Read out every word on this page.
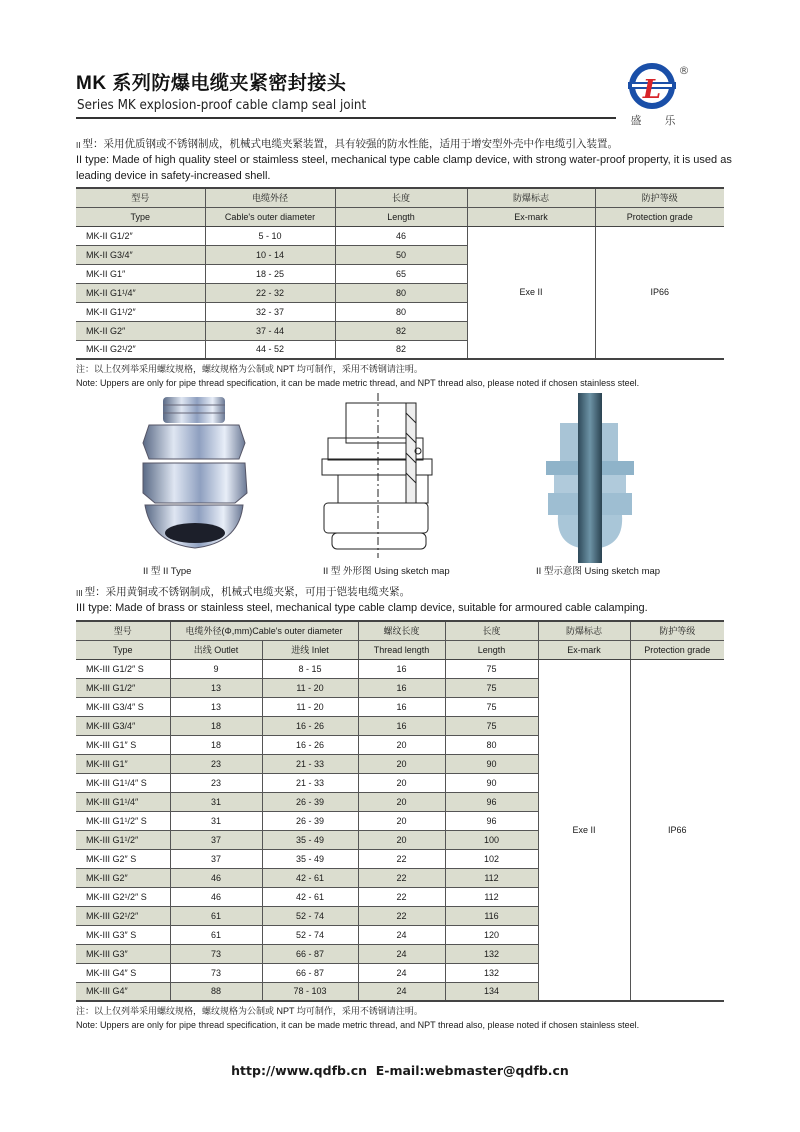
MK 系列防爆电缆夹紧密封接头
Series MK explosion-proof cable clamp seal joint
L
®
盛 乐
II 型：采用优质钢或不锈钢制成，机械式电缆夹紧装置，具有较强的防水性能，适用于增安型外壳中作电缆引入装置。
II type: Made of high quality steel or staimless steel, mechanical type cable clamp device, with strong water-proof property, it is used as leading device in safety-increased shell.
型号	电缆外径	长度	防爆标志	防护等级
Type	Cable's outer diameter	Length	Ex-mark	Protection grade
MK-II G1/2″	5 - 10	46	Exe II	IP66
MK-II G3/4″	10 - 14	50		
MK-II G1″	18 - 25	65		
MK-II G1¹/4″	22 - 32	80		
MK-II G1¹/2″	32 - 37	80		
MK-II G2″	37 - 44	82		
MK-II G2¹/2″	44 - 52	82		
注：以上仅列举采用螺纹规格，螺纹规格为公制或 NPT 均可制作，采用不锈钢请注明。
Note: Uppers are only for pipe thread specification, it can be made metric thread, and NPT thread also, please noted if chosen stainless steel.
II 型 II Type	II 型 外形图 Using sketch map	II 型示意图 Using sketch map
III 型：采用黄铜或不锈钢制成，机械式电缆夹紧，可用于铠装电缆夹紧。
III type: Made of brass or stainless steel, mechanical type cable clamp device, suitable for armoured cable calamping.
型号	电缆外径(Φ,mm)Cable's outer diameter		螺纹长度	长度	防爆标志	防护等级
Type	出线 Outlet	进线 Inlet	Thread length	Length	Ex-mark	Protection grade
MK-III G1/2″ S	9	8 - 15	16	75	Exe II	IP66
MK-III G1/2″	13	11 - 20	16	75		
MK-III G3/4″ S	13	11 - 20	16	75		
MK-III G3/4″	18	16 - 26	16	75		
MK-III G1″ S	18	16 - 26	20	80		
MK-III G1″	23	21 - 33	20	90		
MK-III G1¹/4″ S	23	21 - 33	20	90		
MK-III G1¹/4″	31	26 - 39	20	96		
MK-III G1¹/2″ S	31	26 - 39	20	96		
MK-III G1¹/2″	37	35 - 49	20	100		
MK-III G2″ S	37	35 - 49	22	102		
MK-III G2″	46	42 - 61	22	112		
MK-III G2¹/2″ S	46	42 - 61	22	112		
MK-III G2¹/2″	61	52 - 74	22	116		
MK-III G3″ S	61	52 - 74	24	120		
MK-III G3″	73	66 - 87	24	132		
MK-III G4″ S	73	66 - 87	24	132		
MK-III G4″	88	78 - 103	24	134		
注：以上仅列举采用螺纹规格，螺纹规格为公制或 NPT 均可制作，采用不锈钢请注明。
Note: Uppers are only for pipe thread specification, it can be made metric thread, and NPT thread also, please noted if chosen stainless steel.
http://www.qdfb.cn E-mail:webmaster@qdfb.cn
